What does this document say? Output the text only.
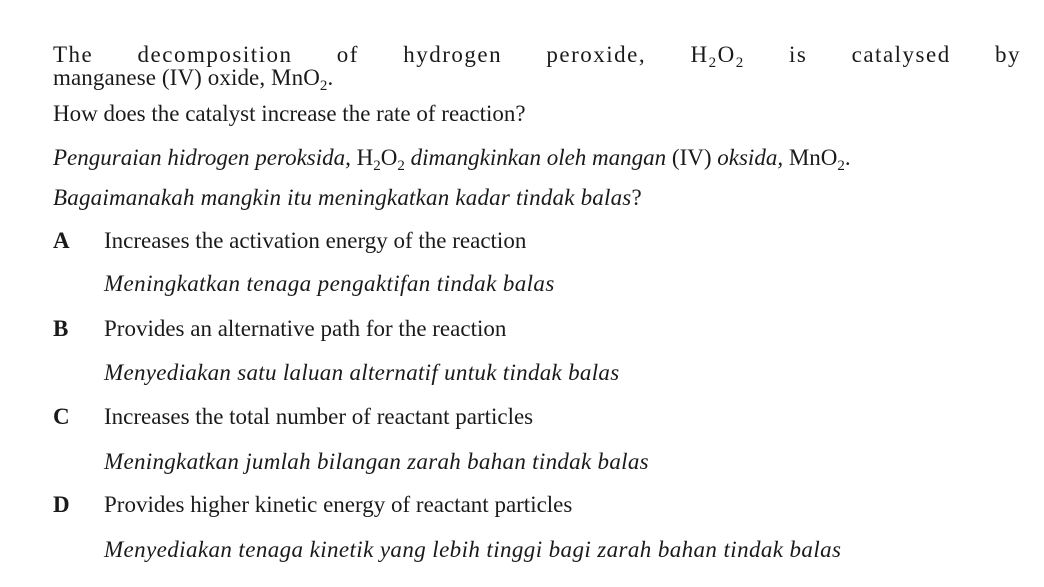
The decomposition of hydrogen peroxide, $H_2O_2$ is catalysed by
manganese (IV) oxide, MnO$_2$.
How does the catalyst increase the rate of reaction?
Penguraian hidrogen peroksida, $H_2O_2$ dimangkinkan oleh mangan (IV) oksida, MnO$_2$.
Bagaimanakah mangkin itu meningkatkan kadar tindak balas?
A Increases the activation energy of the reaction
Meningkatkan tenaga pengaktifan tindak balas
B Provides an alternative path for the reaction
Menyediakan satu laluan alternatif untuk tindak balas
C Increases the total number of reactant particles
Meningkatkan jumlah bilangan zarah bahan tindak balas
D Provides higher kinetic energy of reactant particles
Menyediakan tenaga kinetik yang lebih tinggi bagi zarah bahan tindak balas
